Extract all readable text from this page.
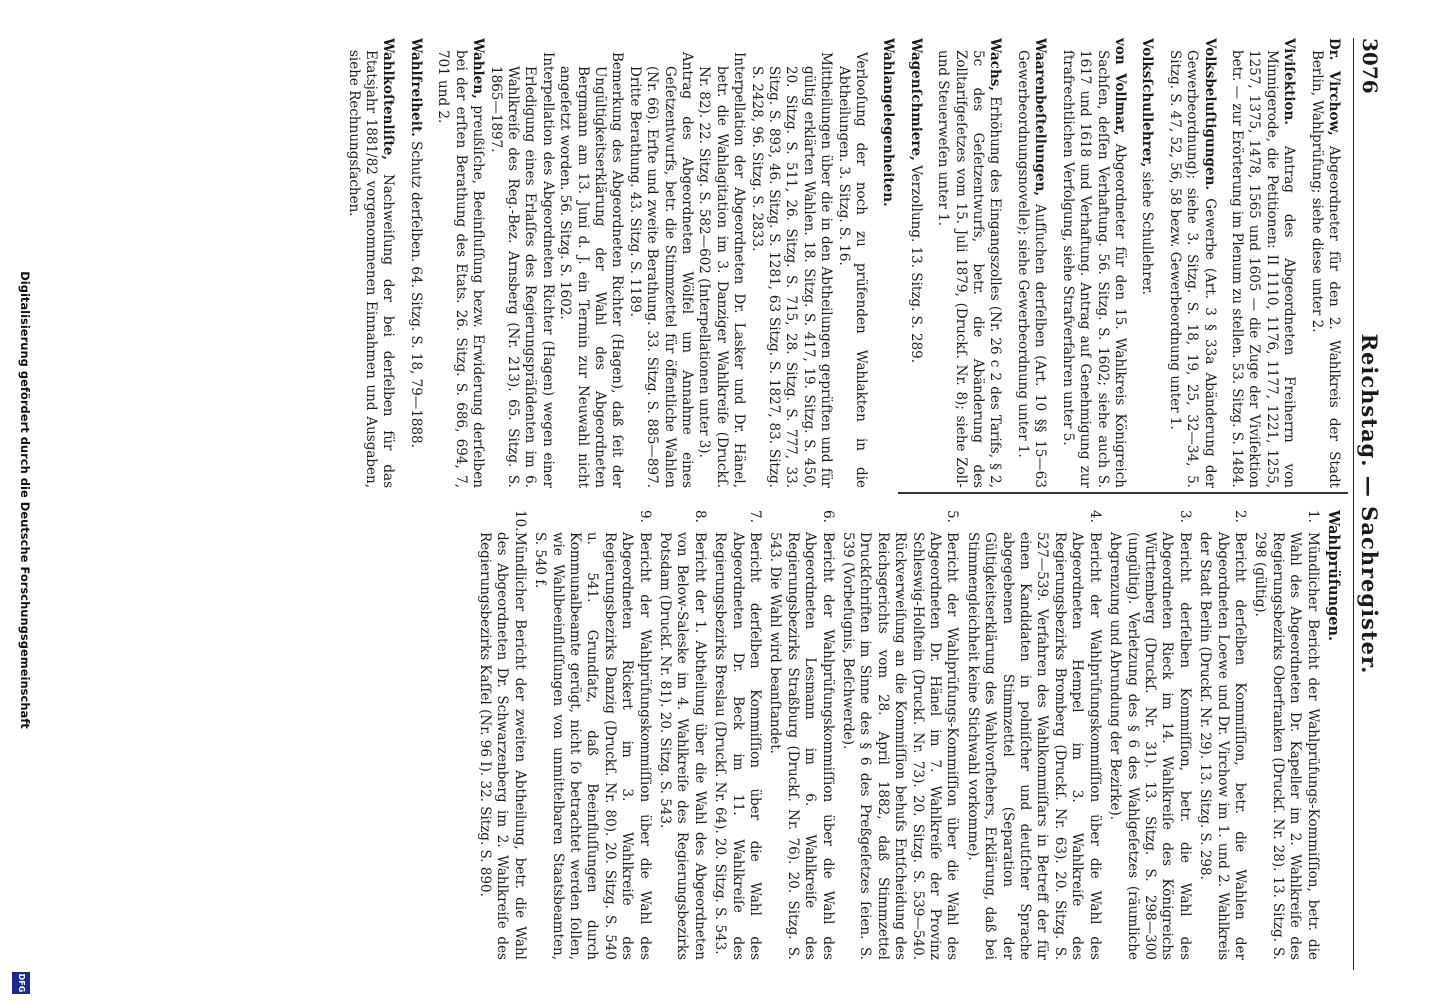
3076
Reichstag. — Sachregister.

Dr. Virchow, Abgeordneter für den 2. Wahlkreis der Stadt Berlin, Wahlprüfung; siehe diese unter 2.

Viviſektion. Antrag des Abgeordneten Freiherrn von Minnigerode, die Petitionen: II 1110, 1176, 1177, 1221, 1255, 1257, 1375, 1478, 1565 und 1605 — die Zuge der Viviſektion betr. — zur Erörterung im Plenum zu stellen. 53. Sitzg. S. 1484.

Volksbeluſtigungen. Gewerbe (Art. 3 § 33a Abänderung der Gewerbeordnung); siehe 3. Sitzg. S. 18, 19, 25, 32—34, 5. Sitzg. S. 47, 52, 56, 58 bezw. Gewerbeordnung unter 1.

Volksſchullehrer, siehe Schullehrer.

von Vollmar, Abgeordneter für den 15. Wahlkreis Königreich Sachſen, deſſen Verhaftung. 56. Sitzg. S. 1602; siehe auch S. 1617 und 1618 und Verhaftung. Antrag auf Genehmigung zur ſtrafrechtlichen Verfolgung, siehe Strafverfahren unter 5.

Waarenbeſtellungen, Aufſuchen derſelben (Art. 10 §§ 15—63 Gewerbeordnungsnovelle); siehe Gewerbeordnung unter 1.

Wachs, Erhöhung des Eingangszolles (Nr. 26 c 2 des Tarifs, § 2, 5c des Geſetzentwurfs, betr. die Abänderung des Zolltarifgeſetzes vom 15. Juli 1879, (Druckſ. Nr. 8); siehe Zoll- und Steuerweſen unter 1.

Wagenſchmiere, Verzollung. 13. Sitzg. S. 289.

Wahlangelegenheiten.

Verlooſung der noch zu prüfenden Wahlakten in die Abtheilungen. 3. Sitzg. S. 16.

Mittheilungen über die in den Abtheilungen geprüften und für gültig erklärten Wahlen. 18. Sitzg. S. 417, 19. Sitzg. S. 450, 20. Sitzg. S. 511, 26. Sitzg. S. 715, 28. Sitzg. S. 777, 33. Sitzg. S. 893, 46. Sitzg. S. 1281, 63 Sitzg. S. 1827, 83. Sitzg. S. 2428, 96. Sitzg. S. 2833.

Interpellation der Abgeordneten Dr. Lasker und Dr. Hänel, betr. die Wahlagitation im 3. Danziger Wahlkreiſe (Druckſ. Nr. 82). 22. Sitzg. S. 582—602 (Interpellationen unter 3).

Antrag des Abgeordneten Wölfel um Annahme eines Geſetzentwurfs, betr. die Stimmzettel für öffentliche Wahlen (Nr. 66). Erſte und zweite Berathung. 33. Sitzg. S. 885—897. Dritte Berathung. 43. Sitzg. S. 1189.

Bemerkung des Abgeordneten Richter (Hagen), daß ſeit der Ungültigkeitserklärung der Wahl des Abgeordneten Bergmann am 13. Juni d. J. ein Termin zur Neuwahl nicht angeſetzt worden. 56. Sitzg. S. 1602.

Interpellation des Abgeordneten Richter (Hagen) wegen einer Erledigung eines Erlaſſes des Regierungspräſidenten im 6. Wahlkreiſe des Reg.-Bez. Arnsberg (Nr. 213). 65. Sitzg. S. 1865—1897.

Wahlen, preußiſche, Beeinfluſſung bezw. Erwiderung derſelben bei der erſten Berathung des Etats. 26. Sitzg. S. 686, 694, 7, 701 und 2.

Wahlfreiheit. Schutz derſelben. 64. Sitzg. S. 18, 79—1888.

Wahlkoſtenliſte, Nachweiſung der bei derſelben für das Etatsjahr 1881/82 vorgenommenen Einnahmen und Ausgaben, siehe Rechnungsſachen.

Wahlprüfungen.

1.Mündlicher Bericht der Wahlprüfungs-Kommiſſion, betr. die Wahl des Abgeordneten Dr. Kapeller im 2. Wahlkreiſe des Regierungsbezirks Oberfranken (Druckſ. Nr. 28). 13. Sitzg. S. 298 (gültig).

2.Bericht derſelben Kommiſſion, betr. die Wahlen der Abgeordneten Loewe und Dr. Virchow im 1. und 2. Wahlkreis der Stadt Berlin (Druckſ. Nr. 29). 13. Sitzg. S. 298.

3.Bericht derſelben Kommiſſion, betr. die Wahl des Abgeordneten Rieck im 14. Wahlkreiſe des Königreichs Württemberg (Druckſ. Nr. 31). 13. Sitzg. S. 298—300 (ungültig). Verletzung des § 6 des Wahlgeſetzes (räumliche Abgrenzung und Abrundung der Bezirke).

4.Bericht der Wahlprüfungskommiſſion über die Wahl des Abgeordneten Hempel im 3. Wahlkreiſe des Regierungsbezirks Bromberg (Druckſ. Nr. 63). 20. Sitzg. S. 527—539. Verfahren des Wahlkommiſſars in Betreff der für einen Kandidaten in polniſcher und deutſcher Sprache abgegebenen Stimmzettel (Separation der Gültigkeitserklärung des Wahlvorſtehers, Erklärung, daß bei Stimmengleichheit keine Stichwahl vorkomme).

5.Bericht der Wahlprüfungs-Kommiſſion über die Wahl des Abgeordneten Dr. Hänel im 7. Wahlkreiſe der Provinz Schleswig-Holſtein (Druckſ. Nr. 73). 20. Sitzg. S. 539—540. Rückverweiſung an die Kommiſſion behufs Entſcheidung des Reichsgerichts vom 28. April 1882, daß Stimmzettel Druckſchriften im Sinne des § 6 des Preßgeſetzes ſeien. S. 539 (Vorbefugnis, Beſchwerde).

6.Bericht der Wahlprüfungskommiſſion über die Wahl des Abgeordneten Lesmann im 6. Wahlkreiſe des Regierungsbezirks Straßburg (Druckſ. Nr. 76). 20. Sitzg. S. 543. Die Wahl wird beanſtandet.

7.Bericht derſelben Kommiſſion über die Wahl des Abgeordneten Dr. Beck im 11. Wahlkreiſe des Regierungsbezirks Breslau (Druckſ. Nr. 64). 20. Sitzg. S. 543.

8.Bericht der 1. Abtheilung über die Wahl des Abgeordneten von Below-Saleske im 4. Wahlkreiſe des Regierungsbezirks Potsdam (Druckſ. Nr. 81). 20. Sitzg. S. 543.

9.Bericht der Wahlprüfungskommiſſion über die Wahl des Abgeordneten Rickert im 3. Wahlkreiſe des Regierungsbezirks Danzig (Druckſ. Nr. 80). 20. Sitzg. S. 540 u. 541. Grundſatz, daß Beeinfluſſungen durch Kommunalbeamte gerügt, nicht ſo betrachtet werden ſollen, wie Wahlbeeinfluſſungen von unmittelbaren Staatsbeamten, S. 540 f.

10.Mündlicher Bericht der zweiten Abtheilung, betr. die Wahl des Abgeordneten Dr. Schwarzenberg im 2. Wahlkreiſe des Regierungsbezirks Kaſſel (Nr. 96 I). 32. Sitzg. S. 890.

Digitalisierung gefördert durch die Deutsche Forschungsgemeinschaft
DFG
